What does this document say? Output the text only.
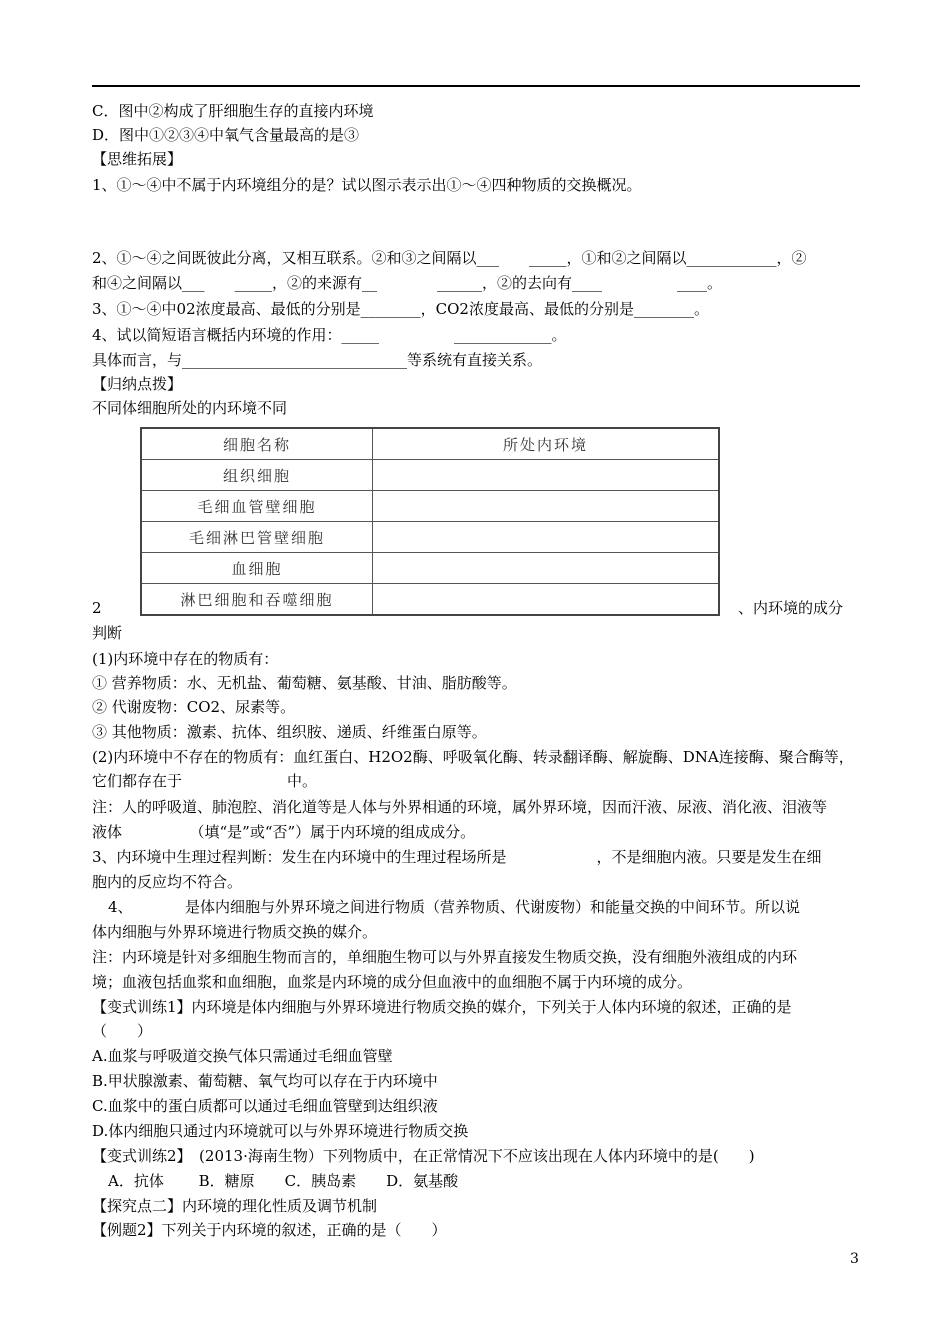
C．图中②构成了肝细胞生存的直接内环境
D．图中①②③④中氧气含量最高的是③
【思维拓展】
1、①～④中不属于内环境组分的是？试以图示表示出①～④四种物质的交换概况。
2、①～④之间既彼此分离，又相互联系。②和③之间隔以___　　_____，①和②之间隔以____________，②
和④之间隔以___　　_____，②的来源有__　　　　______，②的去向有____　　　　　____。
3、①～④中02浓度最高、最低的分别是________，CO2浓度最高、最低的分别是________。
4、试以简短语言概括内环境的作用：_____　　　　　_____________。
具体而言，与______________________________等系统有直接关系。
【归纳点拨】
不同体细胞所处的内环境不同
细胞名称	所处内环境
组织细胞	
毛细血管壁细胞	
毛细淋巴管壁细胞	
血细胞	
淋巴细胞和吞噬细胞	
2	、内环境的成分
判断
(1)内环境中存在的物质有：
① 营养物质：水、无机盐、葡萄糖、氨基酸、甘油、脂肪酸等。
② 代谢废物：CO2、尿素等。
③ 其他物质：激素、抗体、组织胺、递质、纤维蛋白原等。
(2)内环境中不存在的物质有：血红蛋白、H2O2酶、呼吸氧化酶、转录翻译酶、解旋酶、DNA连接酶、聚合酶等，
它们都存在于　　　　　　　中。
注：人的呼吸道、肺泡腔、消化道等是人体与外界相通的环境，属外界环境，因而汗液、尿液、消化液、泪液等
液体　　　　　（填“是”或“否”）属于内环境的组成成分。
3、内环境中生理过程判断：发生在内环境中的生理过程场所是　　　　　　，不是细胞内液。只要是发生在细
胞内的反应均不符合。
4、　　　　是体内细胞与外界环境之间进行物质（营养物质、代谢废物）和能量交换的中间环节。所以说
体内细胞与外界环境进行物质交换的媒介。
注：内环境是针对多细胞生物而言的，单细胞生物可以与外界直接发生物质交换，没有细胞外液组成的内环
境；血液包括血浆和血细胞，血浆是内环境的成分但血液中的血细胞不属于内环境的成分。
【变式训练1】内环境是体内细胞与外界环境进行物质交换的媒介，下列关于人体内环境的叙述，正确的是
（　　）
A.血浆与呼吸道交换气体只需通过毛细血管壁
B.甲状腺激素、葡萄糖、氧气均可以存在于内环境中
C.血浆中的蛋白质都可以通过毛细血管壁到达组织液
D.体内细胞只通过内环境就可以与外界环境进行物质交换
【变式训练2】　(2013·海南生物）下列物质中，在正常情况下不应该出现在人体内环境中的是(　　)
A．抗体　　 B．糖原　　C．胰岛素　　D．氨基酸
【探究点二】内环境的理化性质及调节机制
【例题2】下列关于内环境的叙述，正确的是（　　）
3
